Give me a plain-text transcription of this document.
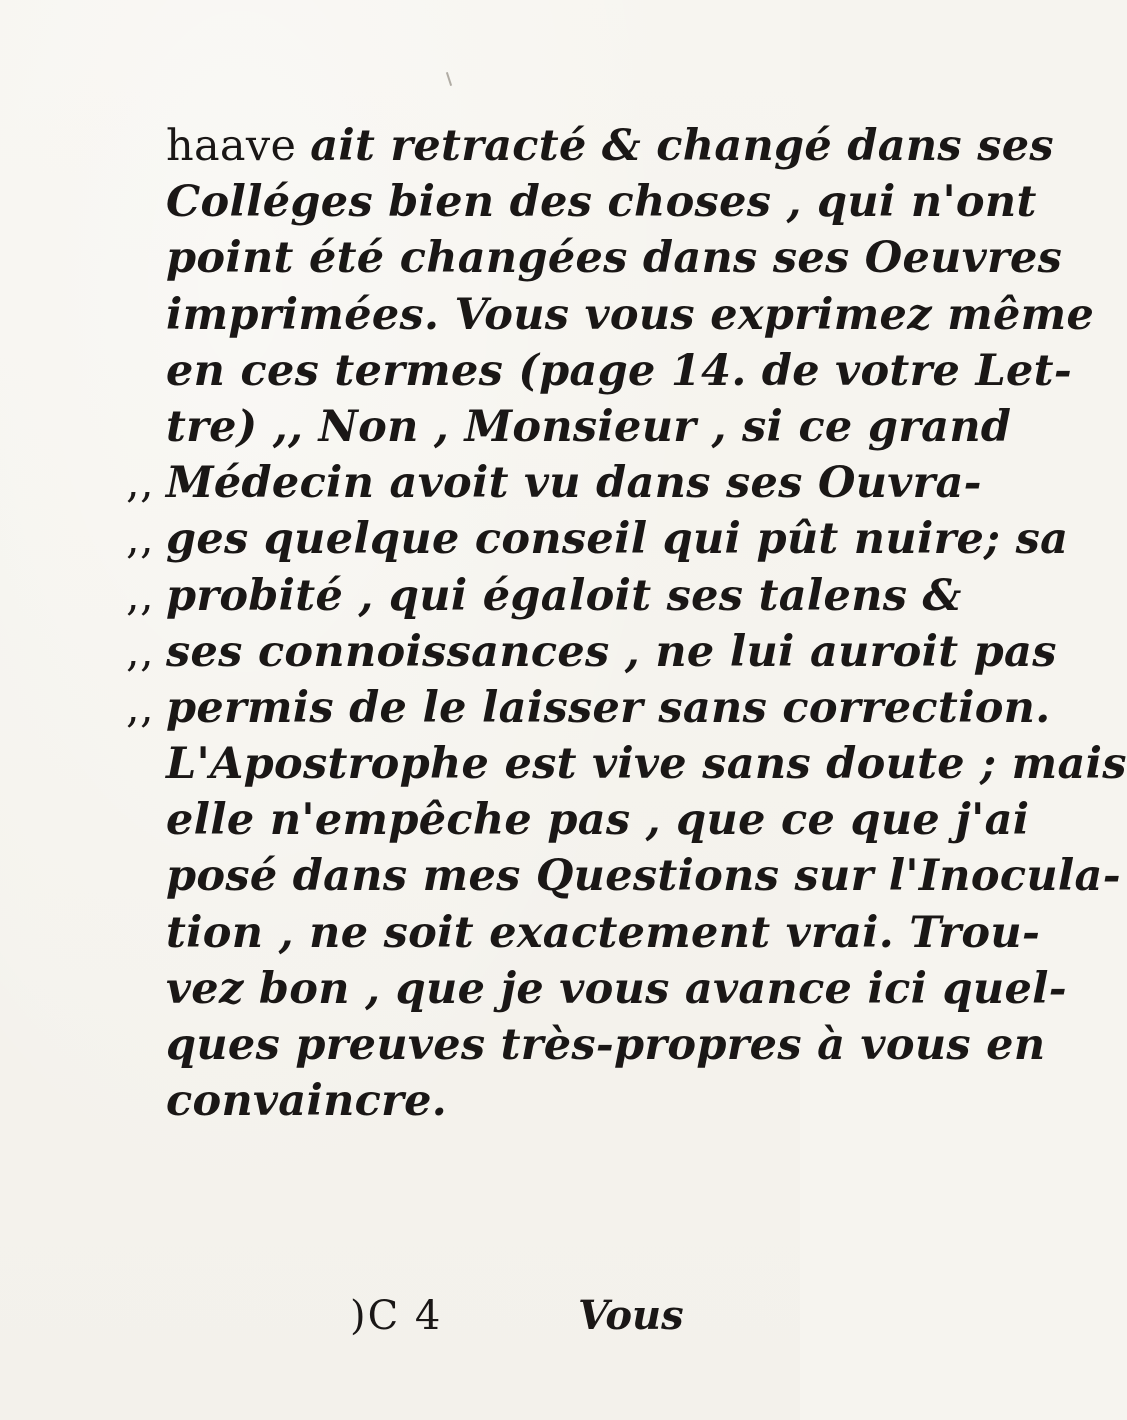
haave ait retracté & changé dans ses
Colléges bien des choses , qui n'ont
point été changées dans ses Oeuvres
imprimées. Vous vous exprimez même
en ces termes (page 14. de votre Let-
tre) ,, Non , Monsieur , si ce grand
,, Médecin avoit vu dans ses Ouvra-
,, ges quelque conseil qui pût nuire; sa
,, probité , qui égaloit ses talens &
,, ses connoissances , ne lui auroit pas
,, permis de le laisser sans correction.
L'Apostrophe est vive sans doute ; mais
elle n'empêche pas , que ce que j'ai
posé dans mes Questions sur l'Inocula-
tion , ne soit exactement vrai. Trou-
vez bon , que je vous avance ici quel-
ques preuves très-propres à vous en
convaincre.
)C 4	Vous
